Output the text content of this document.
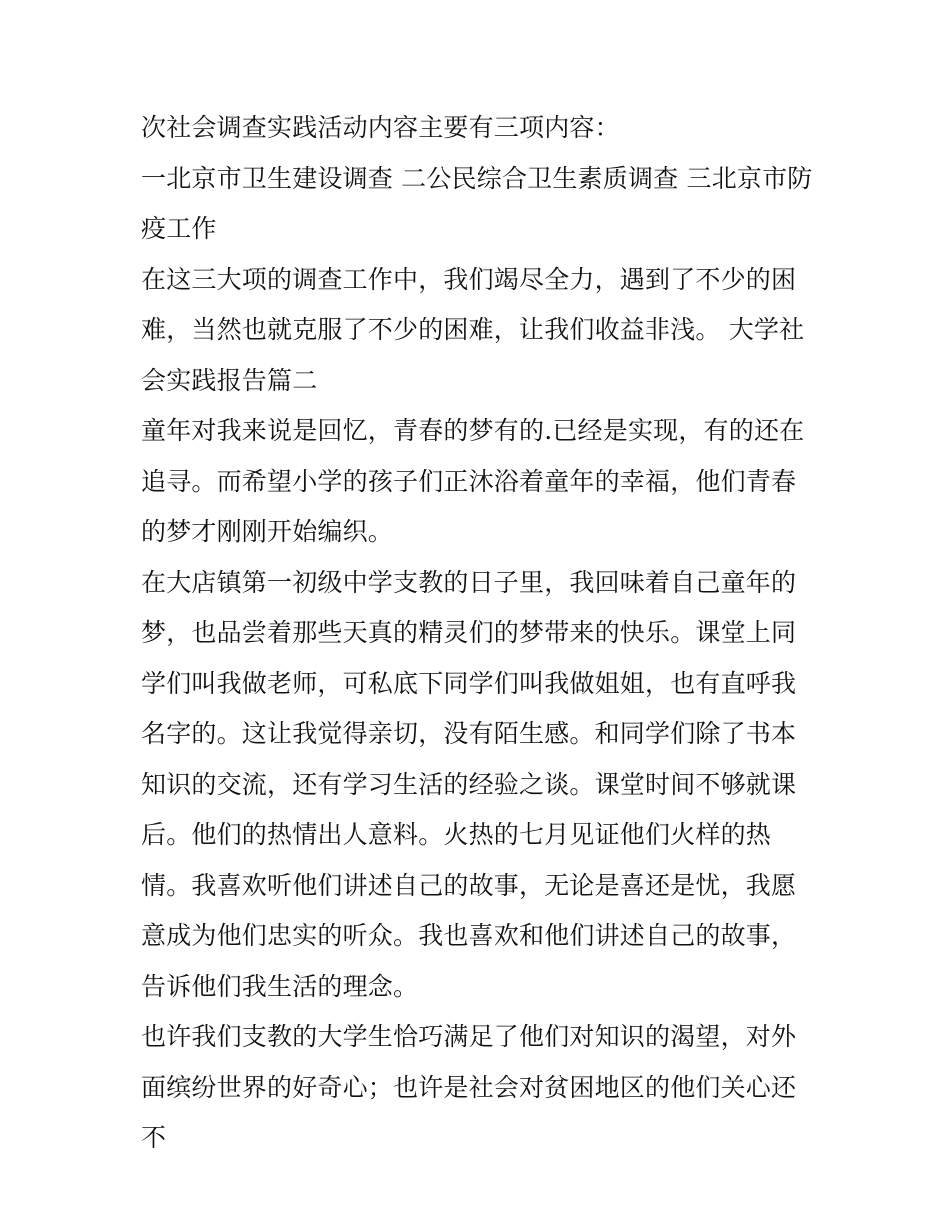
次社会调查实践活动内容主要有三项内容：

一北京市卫生建设调查 二公民综合卫生素质调查 三北京市防疫工作

在这三大项的调查工作中，我们竭尽全力，遇到了不少的困难，当然也就克服了不少的困难，让我们收益非浅。 大学社会实践报告篇二

童年对我来说是回忆，青春的梦有的.已经是实现，有的还在追寻。而希望小学的孩子们正沐浴着童年的幸福，他们青春的梦才刚刚开始编织。

在大店镇第一初级中学支教的日子里，我回味着自己童年的梦，也品尝着那些天真的精灵们的梦带来的快乐。课堂上同学们叫我做老师，可私底下同学们叫我做姐姐，也有直呼我名字的。这让我觉得亲切，没有陌生感。和同学们除了书本知识的交流，还有学习生活的经验之谈。课堂时间不够就课后。他们的热情出人意料。火热的七月见证他们火样的热情。我喜欢听他们讲述自己的故事，无论是喜还是忧，我愿意成为他们忠实的听众。我也喜欢和他们讲述自己的故事，告诉他们我生活的理念。

也许我们支教的大学生恰巧满足了他们对知识的渴望，对外面缤纷世界的好奇心；也许是社会对贫困地区的他们关心还不
